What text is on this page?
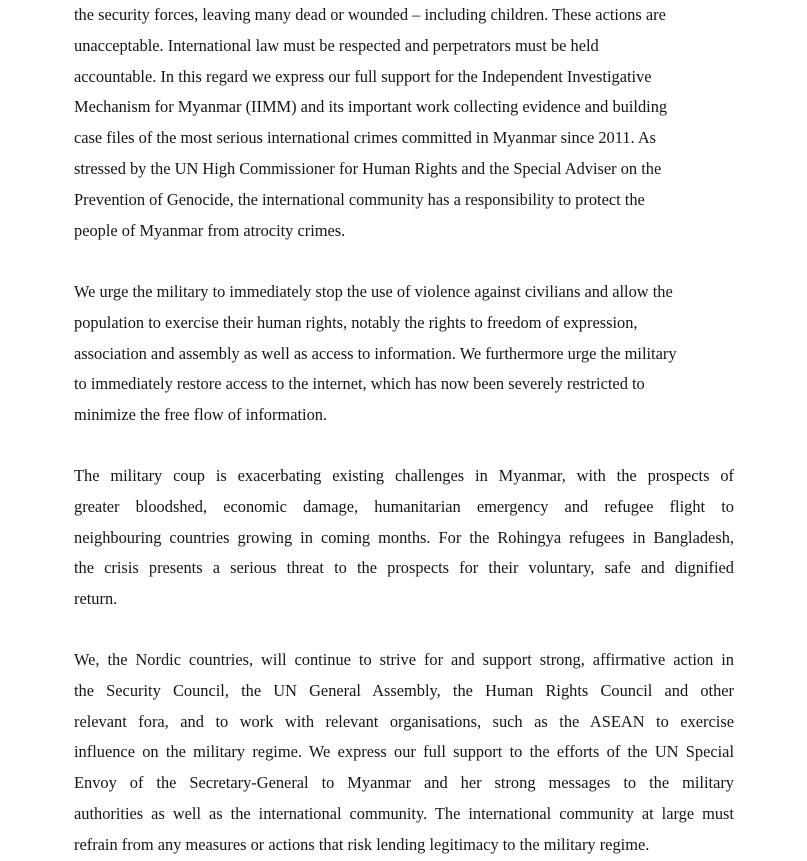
the security forces, leaving many dead or wounded – including children. These actions are
unacceptable. International law must be respected and perpetrators must be held
accountable. In this regard we express our full support for the Independent Investigative
Mechanism for Myanmar (IIMM) and its important work collecting evidence and building
case files of the most serious international crimes committed in Myanmar since 2011. As
stressed by the UN High Commissioner for Human Rights and the Special Adviser on the
Prevention of Genocide, the international community has a responsibility to protect the
people of Myanmar from atrocity crimes.
We urge the military to immediately stop the use of violence against civilians and allow the
population to exercise their human rights, notably the rights to freedom of expression,
association and assembly as well as access to information. We furthermore urge the military
to immediately restore access to the internet, which has now been severely restricted to
minimize the free flow of information.
The military coup is exacerbating existing challenges in Myanmar, with the prospects of
greater bloodshed, economic damage, humanitarian emergency and refugee flight to
neighbouring countries growing in coming months. For the Rohingya refugees in Bangladesh,
the crisis presents a serious threat to the prospects for their voluntary, safe and dignified
return.
We, the Nordic countries, will continue to strive for and support strong, affirmative action in
the Security Council, the UN General Assembly, the Human Rights Council and other
relevant fora, and to work with relevant organisations, such as the ASEAN to exercise
influence on the military regime. We express our full support to the efforts of the UN Special
Envoy of the Secretary-General to Myanmar and her strong messages to the military
authorities as well as the international community. The international community at large must
refrain from any measures or actions that risk lending legitimacy to the military regime.
